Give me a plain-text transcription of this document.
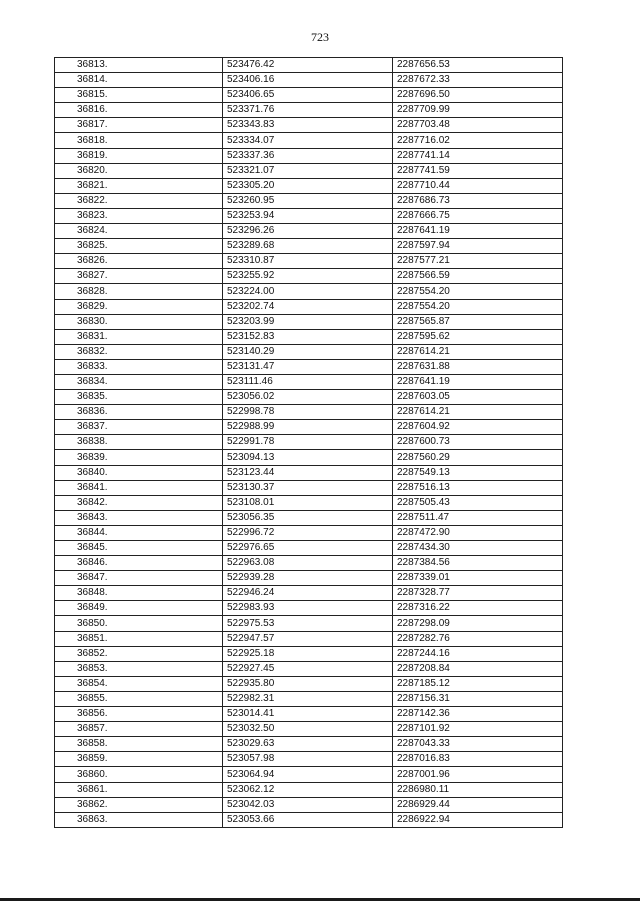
723
36813.	523476.42	2287656.53
36814.	523406.16	2287672.33
36815.	523406.65	2287696.50
36816.	523371.76	2287709.99
36817.	523343.83	2287703.48
36818.	523334.07	2287716.02
36819.	523337.36	2287741.14
36820.	523321.07	2287741.59
36821.	523305.20	2287710.44
36822.	523260.95	2287686.73
36823.	523253.94	2287666.75
36824.	523296.26	2287641.19
36825.	523289.68	2287597.94
36826.	523310.87	2287577.21
36827.	523255.92	2287566.59
36828.	523224.00	2287554.20
36829.	523202.74	2287554.20
36830.	523203.99	2287565.87
36831.	523152.83	2287595.62
36832.	523140.29	2287614.21
36833.	523131.47	2287631.88
36834.	523111.46	2287641.19
36835.	523056.02	2287603.05
36836.	522998.78	2287614.21
36837.	522988.99	2287604.92
36838.	522991.78	2287600.73
36839.	523094.13	2287560.29
36840.	523123.44	2287549.13
36841.	523130.37	2287516.13
36842.	523108.01	2287505.43
36843.	523056.35	2287511.47
36844.	522996.72	2287472.90
36845.	522976.65	2287434.30
36846.	522963.08	2287384.56
36847.	522939.28	2287339.01
36848.	522946.24	2287328.77
36849.	522983.93	2287316.22
36850.	522975.53	2287298.09
36851.	522947.57	2287282.76
36852.	522925.18	2287244.16
36853.	522927.45	2287208.84
36854.	522935.80	2287185.12
36855.	522982.31	2287156.31
36856.	523014.41	2287142.36
36857.	523032.50	2287101.92
36858.	523029.63	2287043.33
36859.	523057.98	2287016.83
36860.	523064.94	2287001.96
36861.	523062.12	2286980.11
36862.	523042.03	2286929.44
36863.	523053.66	2286922.94
